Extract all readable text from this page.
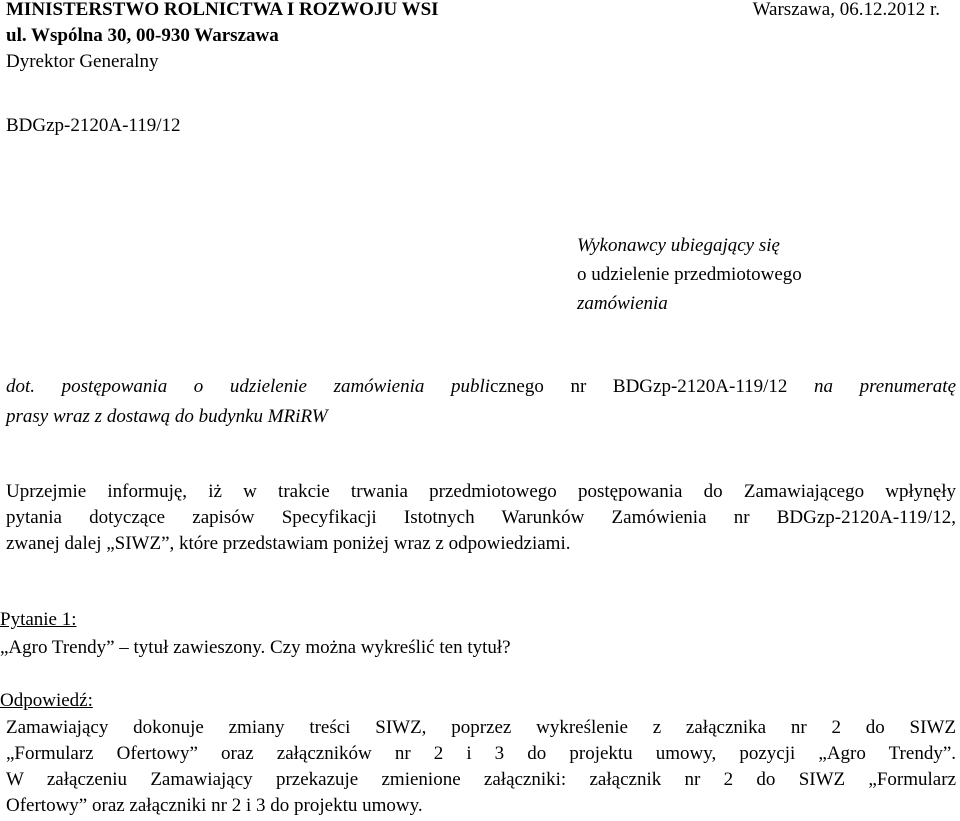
MINISTERSTWO ROLNICTWA I ROZWOJU WSI
ul. Wspólna 30, 00-930 Warszawa
Dyrektor Generalny
Warszawa, 06.12.2012 r.
BDGzp-2120A-119/12
Wykonawcy ubiegający się
o udzielenie przedmiotowego
zamówienia
dot. postępowania o udzielenie zamówienia publicznego nr BDGzp-2120A-119/12 na prenumeratę
prasy wraz z dostawą do budynku MRiRW
Uprzejmie informuję, iż w trakcie trwania przedmiotowego postępowania do Zamawiającego wpłynęły
pytania dotyczące zapisów Specyfikacji Istotnych Warunków Zamówienia nr BDGzp-2120A-119/12,
zwanej dalej „SIWZ”, które przedstawiam poniżej wraz z odpowiedziami.
Pytanie 1:
„Agro Trendy” – tytuł zawieszony. Czy można wykreślić ten tytuł?
Odpowiedź:
Zamawiający dokonuje zmiany treści SIWZ, poprzez wykreślenie z załącznika nr 2 do SIWZ
„Formularz Ofertowy” oraz załączników nr 2 i 3 do projektu umowy, pozycji „Agro Trendy”.
W załączeniu Zamawiający przekazuje zmienione załączniki: załącznik nr 2 do SIWZ „Formularz
Ofertowy” oraz załączniki nr 2 i 3 do projektu umowy.
